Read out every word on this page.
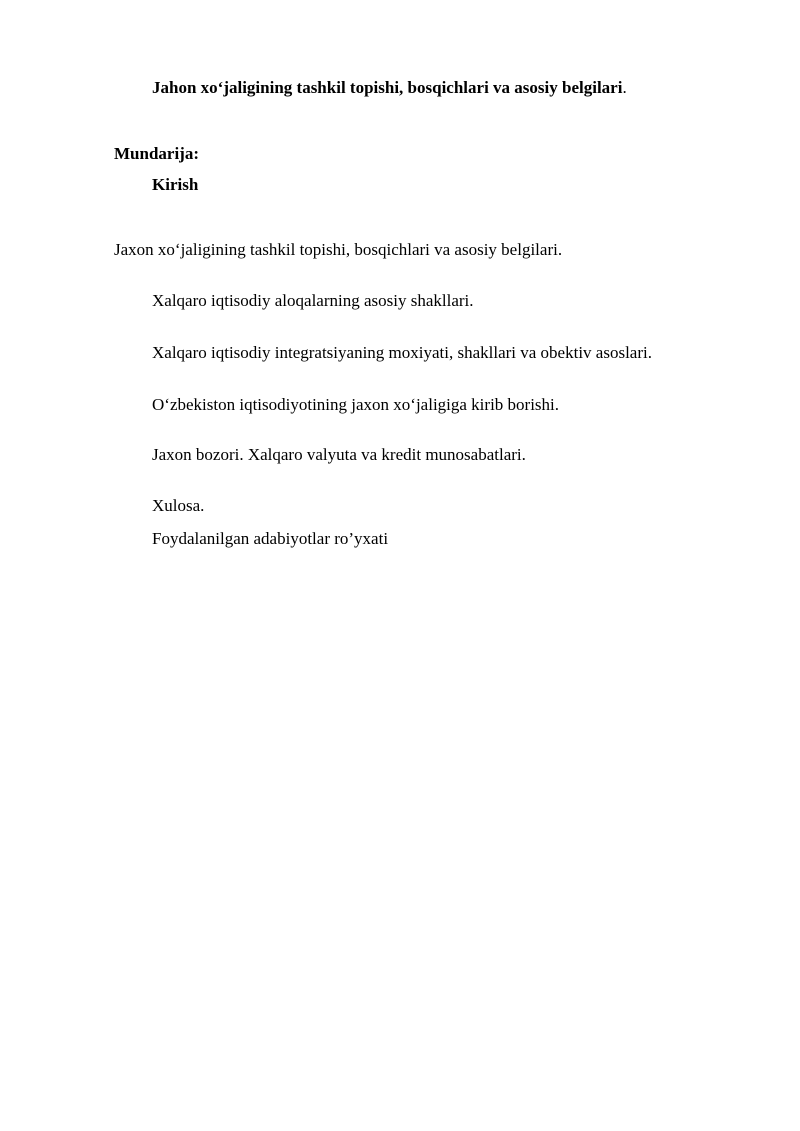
Jahon xo‘jaligining tashkil topishi, bosqichlari va asosiy belgilari.
Mundarija:
Kirish
Jaxon xo‘jaligining tashkil topishi, bosqichlari va asosiy belgilari.
Xalqaro iqtisodiy aloqalarning asosiy shakllari.
Xalqaro iqtisodiy integratsiyaning moxiyati, shakllari va obektiv asoslari.
O‘zbekiston iqtisodiyotining jaxon xo‘jaligiga kirib borishi.
Jaxon bozori. Xalqaro valyuta va kredit munosabatlari.
Xulosa.
Foydalanilgan adabiyotlar ro’yxati
